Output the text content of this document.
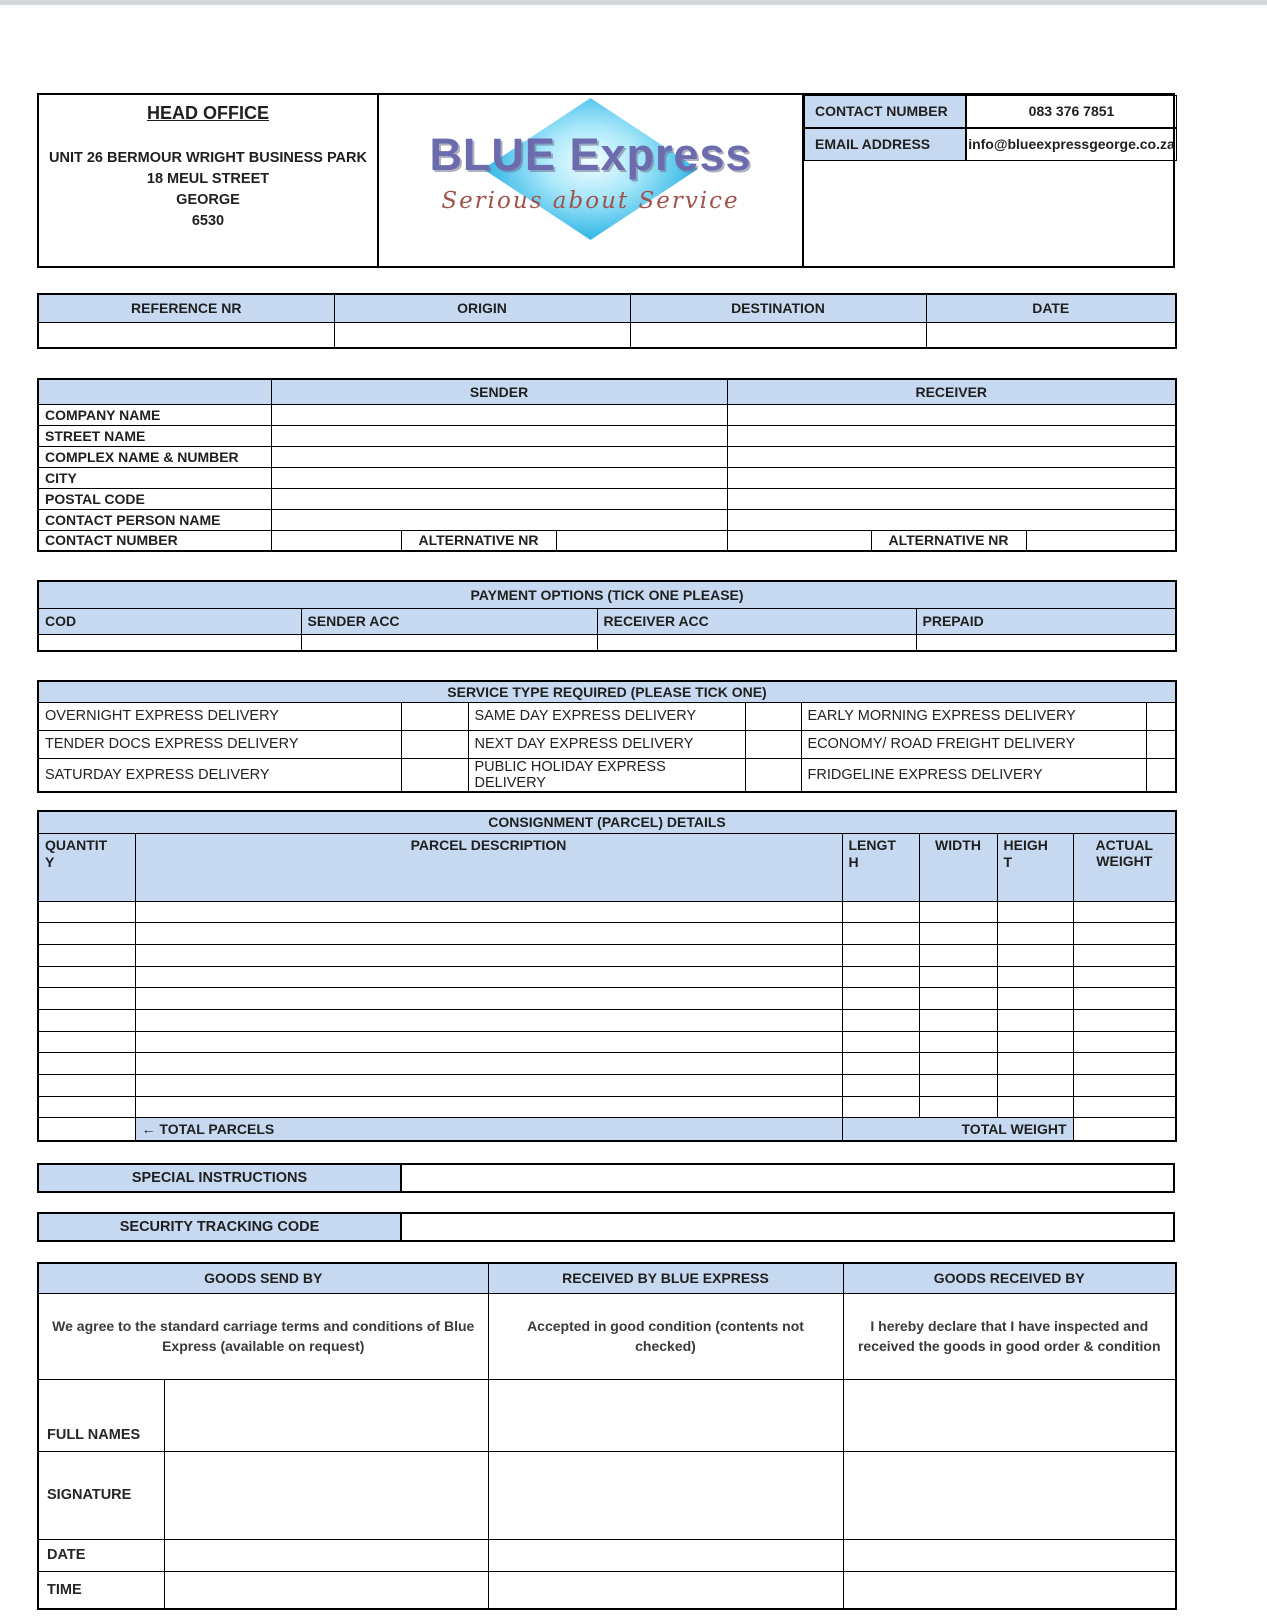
HEAD OFFICE
UNIT 26 BERMOUR WRIGHT BUSINESS PARK
18 MEUL STREET
GEORGE
6530
BLUE Express
Serious about Service
CONTACT NUMBER	083 376 7851
EMAIL ADDRESS	info@blueexpressgeorge.co.za
REFERENCE NR	ORIGIN	DESTINATION	DATE

	SENDER			RECEIVER		
COMPANY NAME						
STREET NAME						
COMPLEX NAME & NUMBER						
CITY						
POSTAL CODE						
CONTACT PERSON NAME						
CONTACT NUMBER		ALTERNATIVE NR			ALTERNATIVE NR	
PAYMENT OPTIONS (TICK ONE PLEASE)			
COD	SENDER ACC	RECEIVER ACC	PREPAID

SERVICE TYPE REQUIRED (PLEASE TICK ONE)					
OVERNIGHT EXPRESS DELIVERY		SAME DAY EXPRESS DELIVERY		EARLY MORNING EXPRESS DELIVERY	
TENDER DOCS EXPRESS DELIVERY		NEXT DAY EXPRESS DELIVERY		ECONOMY/ ROAD FREIGHT DELIVERY	
SATURDAY EXPRESS DELIVERY		PUBLIC HOLIDAY EXPRESS DELIVERY		FRIDGELINE EXPRESS DELIVERY	
CONSIGNMENT (PARCEL) DETAILS					
QUANTITY	PARCEL DESCRIPTION	LENGTH	WIDTH	HEIGHT	ACTUAL WEIGHT

	← TOTAL PARCELS	TOTAL WEIGHT			
SPECIAL INSTRUCTIONS
SECURITY TRACKING CODE
GOODS SEND BY		RECEIVED BY BLUE EXPRESS	GOODS RECEIVED BY
We agree to the standard carriage terms and conditions of Blue Express (available on request)		Accepted in good condition (contents not checked)	I hereby declare that I have inspected and received the goods in good order & condition
FULL NAMES			
SIGNATURE			
DATE			
TIME			
